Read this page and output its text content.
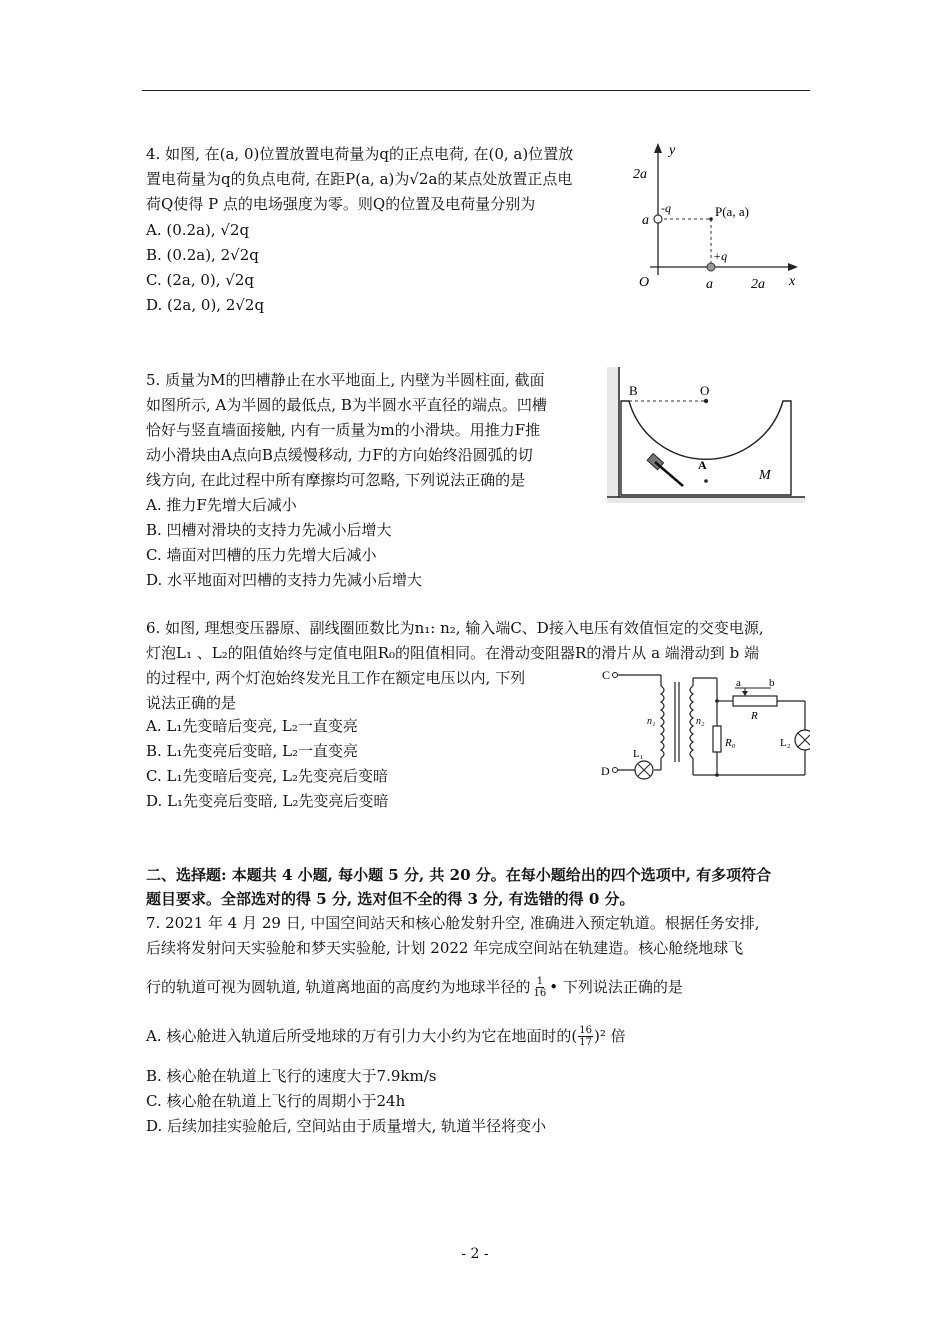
4. 如图, 在(a, 0)位置放置电荷量为q的正点电荷, 在(0, a)位置放
置电荷量为q的负点电荷, 在距P(a, a)为√2a的某点处放置正点电
荷Q使得 P 点的电场强度为零。则Q的位置及电荷量分别为
A. (0.2a), √2q
B. (0.2a), 2√2q
C. (2a, 0), √2q
D. (2a, 0), 2√2q
y
2a
a
-q	P(a, a)
+q
O	a	2a x
5. 质量为M的凹槽静止在水平地面上, 内壁为半圆柱面, 截面
如图所示, A为半圆的最低点, B为半圆水平直径的端点。凹槽
恰好与竖直墙面接触, 内有一质量为m的小滑块。用推力F推
动小滑块由A点向B点缓慢移动, 力F的方向始终沿圆弧的切
线方向, 在此过程中所有摩擦均可忽略, 下列说法正确的是
A. 推力F先增大后减小
B. 凹槽对滑块的支持力先减小后增大
C. 墙面对凹槽的压力先增大后减小
D. 水平地面对凹槽的支持力先减小后增大
B	O
A
M
6. 如图, 理想变压器原、副线圈匝数比为n₁: n₂, 输入端C、D接入电压有效值恒定的交变电源,
灯泡L₁ 、L₂的阻值始终与定值电阻R₀的阻值相同。在滑动变阻器R的滑片从 a 端滑动到 b 端
的过程中, 两个灯泡始终发光且工作在额定电压以内, 下列
说法正确的是
A. L₁先变暗后变亮, L₂一直变亮
B. L₁先变亮后变暗, L₂一直变亮
C. L₁先变暗后变亮, L₂先变亮后变暗
D. L₁先变亮后变暗, L₂先变亮后变暗
C
D
n₁	n₂
a	b
R
R₀
L₁
L₂
二、选择题: 本题共 4 小题, 每小题 5 分, 共 20 分。在每小题给出的四个选项中, 有多项符合
题目要求。全部选对的得 5 分, 选对但不全的得 3 分, 有选错的得 0 分。
7. 2021 年 4 月 29 日, 中国空间站天和核心舱发射升空, 准确进入预定轨道。根据任务安排,
后续将发射问天实验舱和梦天实验舱, 计划 2022 年完成空间站在轨建造。核心舱绕地球飞
行的轨道可视为圆轨道, 轨道离地面的高度约为地球半径的 $\frac{1}{16}$ • 下列说法正确的是
A. 核心舱进入轨道后所受地球的万有引力大小约为它在地面时的( $\frac{16}{17} )^2$ 倍
B. 核心舱在轨道上飞行的速度大于7.9km/s
C. 核心舱在轨道上飞行的周期小于24h
D. 后续加挂实验舱后, 空间站由于质量增大, 轨道半径将变小
- 2 -
